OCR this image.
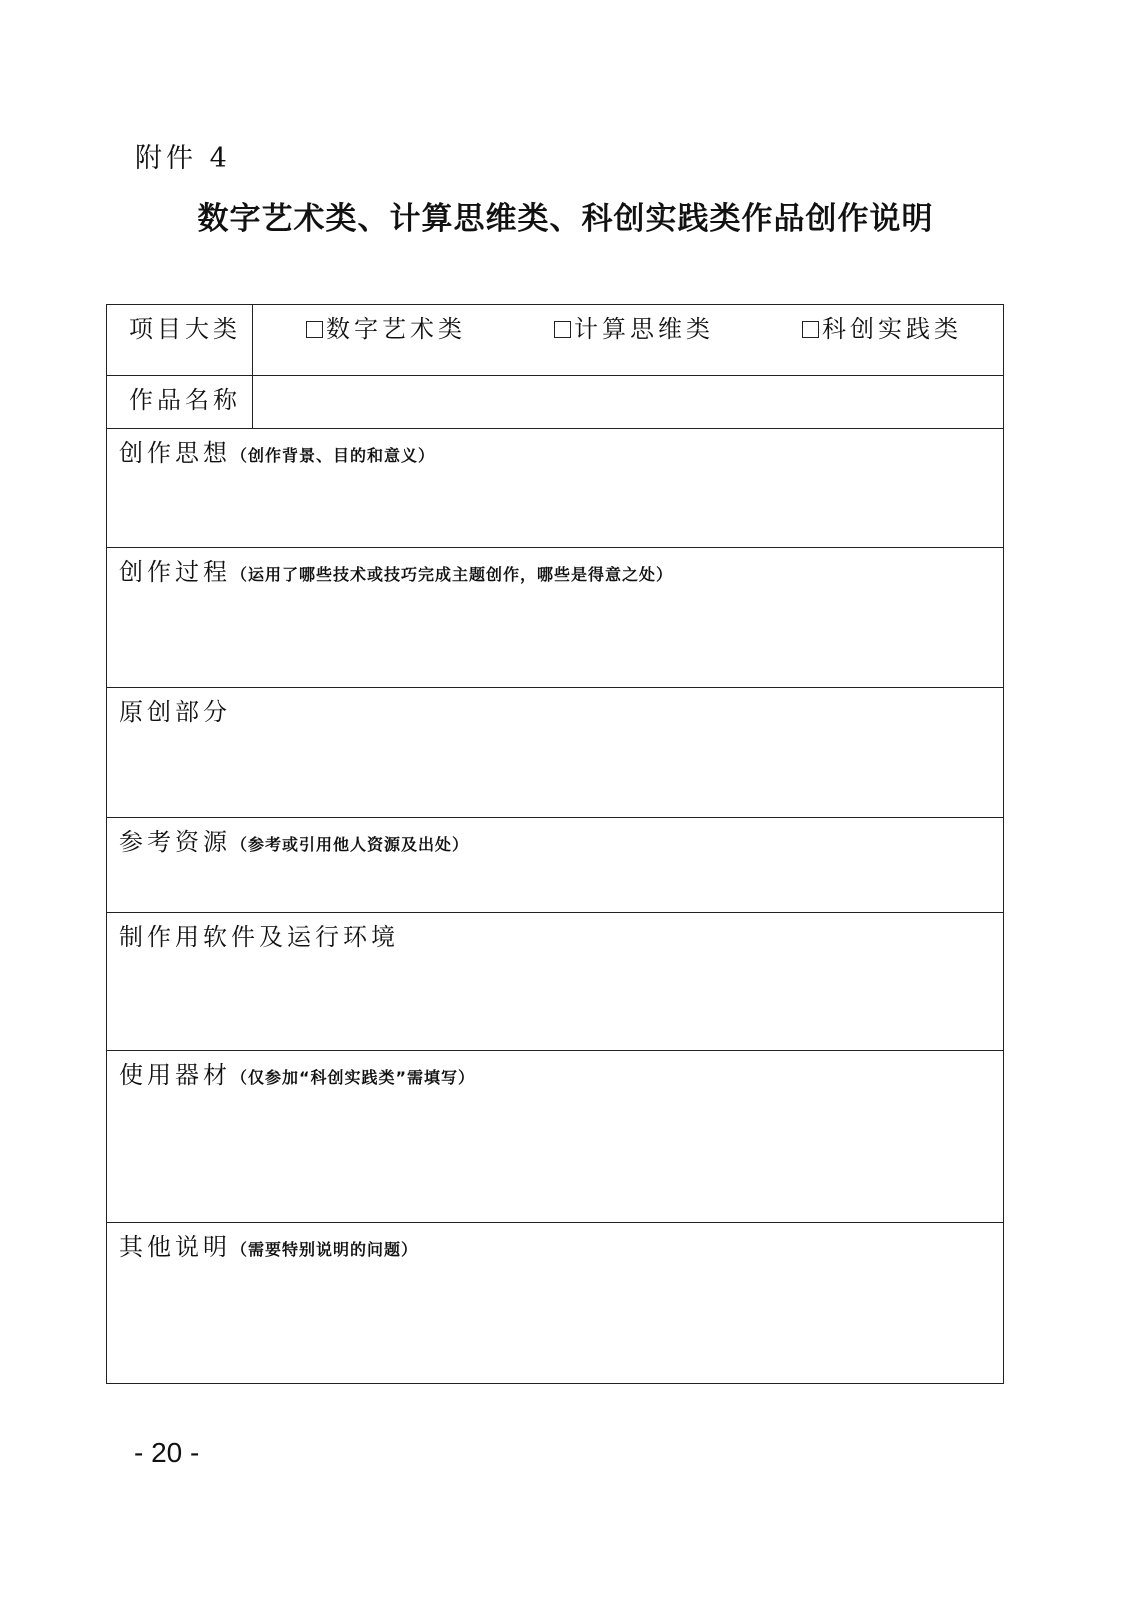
附件 4
数字艺术类、计算思维类、科创实践类作品创作说明
项目大类	数字艺术类	计算思维类	科创实践类
作品名称
创作思想（创作背景、目的和意义）
创作过程（运用了哪些技术或技巧完成主题创作，哪些是得意之处）
原创部分
参考资源（参考或引用他人资源及出处）
制作用软件及运行环境
使用器材（仅参加“科创实践类”需填写）
其他说明（需要特别说明的问题）
- 20 -
